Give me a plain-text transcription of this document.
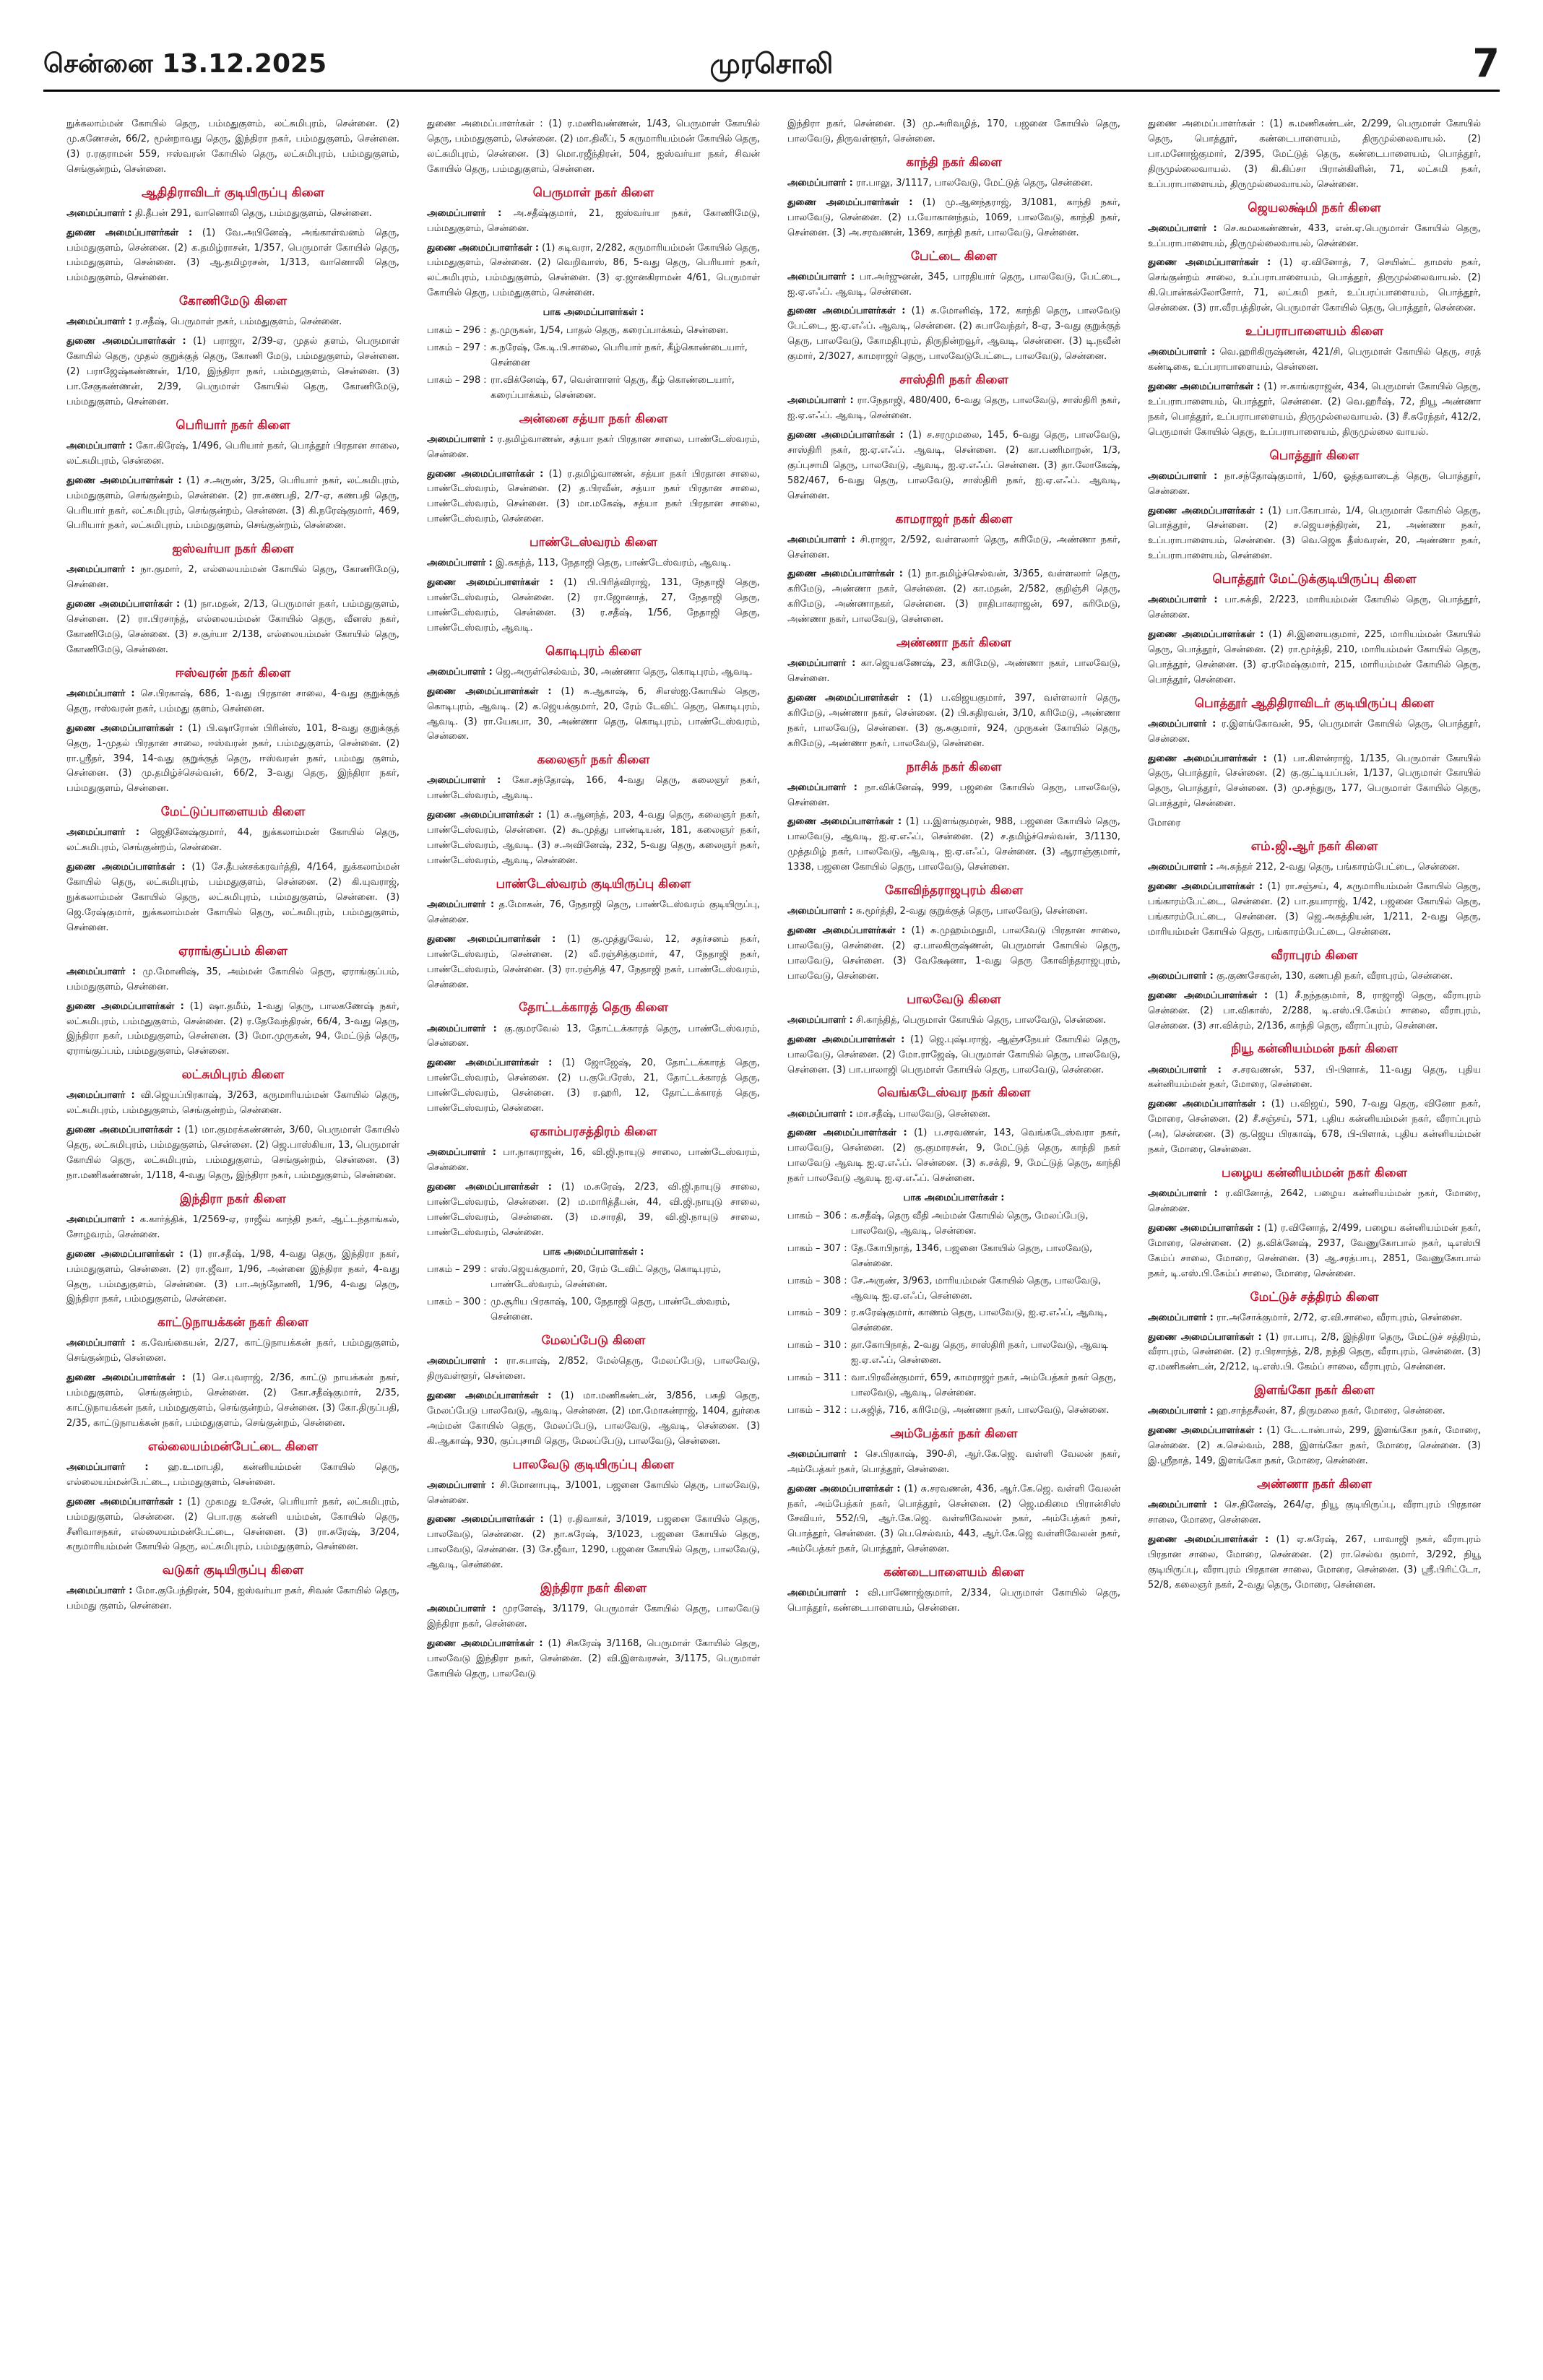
சென்னை 13.12.2025	முரசொலி	7
நுக்கலாம்மன் கோயில் தெரு, பம்மதுகுளம், லட்சுமிபுரம், சென்னை. (2) மு.கணேசன், 66/2, மூன்றாவது தெரு, இந்திரா நகர், பம்மதுகுளம், சென்னை. (3) ர.ரகுராமன் 559, ஈஸ்வரன் கோயில் தெரு, லட்சுமிபுரம், பம்மதுகுளம், செங்குன்றம், சென்னை.
ஆதிதிராவிடர் குடியிருப்பு கிளை
அமைப்பாளர் : தி.தீபன் 291, வானொலி தெரு, பம்மதுகுளம், சென்னை.
துணை அமைப்பாளர்கள் : (1) வே.அபினேஷ், அங்காள்வனம் தெரு, பம்மதுகுளம், சென்னை. (2) க.தமிழ்ராசன், 1/357, பெருமாள் கோயில் தெரு, பம்மதுகுளம், சென்னை. (3) ஆ.தமிழரசன், 1/313, வானொலி தெரு, பம்மதுகுளம், சென்னை.
கோணிமேடு கிளை
அமைப்பாளர் : ர.சதீஷ், பெருமாள் நகர், பம்மதுகுளம், சென்னை.
துணை அமைப்பாளர்கள் : (1) பராஜா, 2/39-ஏ, முதல் தளம், பெருமாள் கோயில் தெரு, முதல் குறுக்குத் தெரு, கோணி மேடு, பம்மதுகுளம், சென்னை. (2) பராஜேஷ்கண்ணன், 1/10, இந்திரா நகர், பம்மதுகுளம், சென்னை. (3) பா.சேகுகண்ணன், 2/39, பெருமாள் கோயில் தெரு, கோணிமேடு, பம்மதுகுளம், சென்னை.
பெரியார் நகர் கிளை
அமைப்பாளர் : கோ.கிரேஷ், 1/496, பெரியார் நகர், பொத்தூர் பிரதான சாலை, லட்சுமிபுரம், சென்னை.
துணை அமைப்பாளர்கள் : (1) ச.அருண், 3/25, பெரியார் நகர், லட்சுமிபுரம், பம்மதுகுளம், செங்குன்றம், சென்னை. (2) ரா.கணபதி, 2/7-ஏ, கணபதி தெரு, பெரியார் நகர், லட்சுமிபுரம், செங்குன்றம், சென்னை. (3) கி.நரேஷ்குமார், 469, பெரியார் நகர், லட்சுமிபுரம், பம்மதுகுளம், செங்குன்றம், சென்னை.
ஐஸ்வர்யா நகர் கிளை
அமைப்பாளர் : நா.குமார், 2, எல்லையம்மன் கோயில் தெரு, கோணிமேடு, சென்னை.
துணை அமைப்பாளர்கள் : (1) நா.மதன், 2/13, பெருமாள் நகர், பம்மதுகுளம், சென்னை. (2) ரா.பிரசாந்த், எல்லையம்மன் கோயில் தெரு, வீனஸ் நகர், கோணிமேடு, சென்னை. (3) ச.சூர்யா 2/138, எல்லையம்மன் கோயில் தெரு, கோணிமேடு, சென்னை.
ஈஸ்வரன் நகர் கிளை
அமைப்பாளர் : செ.பிரகாஷ், 686, 1-வது பிரதான சாலை, 4-வது குறுக்குத் தெரு, ஈஸ்வரன் நகர், பம்மது குளம், சென்னை.
துணை அமைப்பாளர்கள் : (1) பி.ஷாரோன் பிரின்ஸ், 101, 8-வது குறுக்குத் தெரு, 1-முதல் பிரதான சாலை, ஈஸ்வரன் நகர், பம்மதுகுளம், சென்னை. (2) ரா.ஸ்ரீதர், 394, 14-வது குறுக்குத் தெரு, ஈஸ்வரன் நகர், பம்மது குளம், சென்னை. (3) மு.தமிழ்ச்செல்வன், 66/2, 3-வது தெரு, இந்திரா நகர், பம்மதுகுளம், சென்னை.
மேட்டுப்பாளையம் கிளை
அமைப்பாளர் : ஜெதினேஷ்குமார், 44, நுக்கலாம்மன் கோயில் தெரு, லட்சுமிபுரம், செங்குன்றம், சென்னை.
துணை அமைப்பாளர்கள் : (1) சே.தீபன்சக்கரவர்த்தி, 4/164, நுக்கலாம்மன் கோயில் தெரு, லட்சுமிபுரம், பம்மதுகுளம், சென்னை. (2) கி.யுவராஜ், நுக்கலாம்மன் கோயில் தெரு, லட்சுமிபுரம், பம்மதுகுளம், சென்னை. (3) ஜெ.ரேஷ்குமார், நுக்கலாம்மன் கோயில் தெரு, லட்சுமிபுரம், பம்மதுகுளம், சென்னை.
ஏராங்குப்பம் கிளை
அமைப்பாளர் : மு.மோனிஷ், 35, அம்மன் கோயில் தெரு, ஏராங்குப்பம், பம்மதுகுளம், சென்னை.
துணை அமைப்பாளர்கள் : (1) ஷா.தமீம், 1-வது தெரு, பாலகணேஷ் நகர், லட்சுமிபுரம், பம்மதுகுளம், சென்னை. (2) ர.தேவேந்திரன், 66/4, 3-வது தெரு, இந்திரா நகர், பம்மதுகுளம், சென்னை. (3) மோ.முருகன், 94, மேட்டுத் தெரு, ஏராங்குப்பம், பம்மதுகுளம், சென்னை.
லட்சுமிபுரம் கிளை
அமைப்பாளர் : வி.ஜெயப்பிரகாஷ், 3/263, கருமாரியம்மன் கோயில் தெரு, லட்சுமிபுரம், பம்மதுகுளம், செங்குன்றம், சென்னை.
துணை அமைப்பாளர்கள் : (1) மா.குமரக்கண்ணன், 3/60, பெருமாள் கோயில் தெரு, லட்சுமிபுரம், பம்மதுகுளம், சென்னை. (2) ஜெ.பாஸ்கியா, 13, பெருமாள் கோயில் தெரு, லட்சுமிபுரம், பம்மதுகுளம், செங்குன்றம், சென்னை. (3) நா.மணிகண்ணன், 1/118, 4-வது தெரு, இந்திரா நகர், பம்மதுகுளம், சென்னை.
இந்திரா நகர் கிளை
அமைப்பாளர் : க.கார்த்திக், 1/2569-ஏ, ராஜீவ் காந்தி நகர், ஆட்டந்தாங்கல், சோழவரம், சென்னை.
துணை அமைப்பாளர்கள் : (1) ரா.சதீஷ், 1/98, 4-வது தெரு, இந்திரா நகர், பம்மதுகுளம், சென்னை. (2) ரா.ஜீவா, 1/96, அன்னை இந்திரா நகர், 4-வது தெரு, பம்மதுகுளம், சென்னை. (3) பா.அந்தோணி, 1/96, 4-வது தெரு, இந்திரா நகர், பம்மதுகுளம், சென்னை.
காட்டுநாயக்கன் நகர் கிளை
அமைப்பாளர் : க.வேங்கையன், 2/27, காட்டுநாயக்கன் நகர், பம்மதுகுளம், செங்குன்றம், சென்னை.
துணை அமைப்பாளர்கள் : (1) செ.புவராஜ், 2/36, காட்டு நாயக்கன் நகர், பம்மதுகுளம், செங்குன்றம், சென்னை. (2) கோ.சதீஷ்குமார், 2/35, காட்டுநாயக்கன் நகர், பம்மதுகுளம், செங்குன்றம், சென்னை. (3) கோ.திருப்பதி, 2/35, காட்டுநாயக்கன் நகர், பம்மதுகுளம், செங்குன்றம், சென்னை.
எல்லையம்மன்பேட்டை கிளை
அமைப்பாளர் : ஹ.உ.மாபதி, கன்னியம்மன் கோயில் தெரு, எல்லையம்மன்பேட்டை, பம்மதுகுளம், சென்னை.
துணை அமைப்பாளர்கள் : (1) முகமது உசேன், பெரியார் நகர், லட்சுமிபுரம், பம்மதுகுளம், சென்னை. (2) பொ.ரகு கன்னி யம்மன், கோயில் தெரு, சீனிவாசநகர், எல்லையம்மன்பேட்டை, சென்னை. (3) ரா.சுரேஷ், 3/204, கருமாரியம்மன் கோயில் தெரு, லட்சுமிபுரம், பம்மதுகுளம், சென்னை.
வடுகர் குடியிருப்பு கிளை
அமைப்பாளர் : மோ.குபேந்திரன், 504, ஐஸ்வர்யா நகர், சிவன் கோயில் தெரு, பம்மது குளம், சென்னை.
துணை அமைப்பாளர்கள் : (1) ர.மணிவண்ணன், 1/43, பெருமாள் கோயில் தெரு, பம்மதுகுளம், சென்னை. (2) மா.திலீப், 5 கருமாரியம்மன் கோயில் தெரு, லட்சுமிபுரம், சென்னை. (3) மொ.ரஜீந்திரன், 504, ஐஸ்வர்யா நகர், சிவன் கோயில் தெரு, பம்மதுகுளம், சென்னை.
பெருமாள் நகர் கிளை
அமைப்பாளர் : அ.சதீஷ்குமார், 21, ஐஸ்வர்யா நகர், கோணிமேடு, பம்மதுகுளம், சென்னை.
துணை அமைப்பாளர்கள் : (1) சுடிவரா, 2/282, கருமாரியம்மன் கோயில் தெரு, பம்மதுகுளம், சென்னை. (2) வெறிவாஸ், 86, 5-வது தெரு, பெரியார் நகர், லட்சுமிபுரம், பம்மதுகுளம், சென்னை. (3) ஏ.ஜானகிராமன் 4/61, பெருமாள் கோயில் தெரு, பம்மதுகுளம், சென்னை.
பாக அமைப்பாளர்கள் :
பாகம் – 296 : த.முருகன், 1/54, பாதல் தெரு, கரைப்பாக்கம், சென்னை.
பாகம் – 297 : க.நரேஷ், கே.டி.பி.சாலை, பெரியார் நகர், கீழ்கொண்டையார், சென்னை
பாகம் – 298 : ரா.விக்னேஷ், 67, வெள்ளாளர் தெரு, கீழ் கொண்டையார், கரைப்பாக்கம், சென்னை.
அன்னை சத்யா நகர் கிளை
அமைப்பாளர் : ர.தமிழ்வாணன், சத்யா நகர் பிரதான சாலை, பாண்டேஸ்வரம், சென்னை.
துணை அமைப்பாளர்கள் : (1) ர.தமிழ்வாணன், சத்யா நகர் பிரதான சாலை, பாண்டேஸ்வரம், சென்னை. (2) த.பிரவீன், சத்யா நகர் பிரதான சாலை, பாண்டேஸ்வரம், சென்னை. (3) மா.மகேஷ், சத்யா நகர் பிரதான சாலை, பாண்டேஸ்வரம், சென்னை.
பாண்டேஸ்வரம் கிளை
அமைப்பாளர் : இ.சுகந்த், 113, நேதாஜி தெரு, பாண்டேஸ்வரம், ஆவடி.
துணை அமைப்பாளர்கள் : (1) பி.பிரித்விராஜ், 131, நேதாஜி தெரு, பாண்டேஸ்வரம், சென்னை. (2) ரா.ஜோனாத், 27, நேதாஜி தெரு, பாண்டேஸ்வரம், சென்னை. (3) ர.சதீஷ், 1/56, நேதாஜி தெரு, பாண்டேஸ்வரம், ஆவடி.
கொடிபுரம் கிளை
அமைப்பாளர் : ஜெ.அருள்செல்வம், 30, அண்ணா தெரு, கொடிபுரம், ஆவடி.
துணை அமைப்பாளர்கள் : (1) சு.ஆகாஷ், 6, சிஎஸ்ஐ.கோயில் தெரு, கொடிபுரம், ஆவடி. (2) க.ஜெயக்குமார், 20, ரேம் டேவிட் தெரு, கொடிபுரம், ஆவடி. (3) ரா.யேசுபா, 30, அண்ணா தெரு, கொடிபுரம், பாண்டேஸ்வரம், சென்னை.
கலைஞர் நகர் கிளை
அமைப்பாளர் : கோ.சந்தோஷ், 166, 4-வது தெரு, கலைஞர் நகர், பாண்டேஸ்வரம், ஆவடி.
துணை அமைப்பாளர்கள் : (1) சு.ஆனந்த், 203, 4-வது தெரு, கலைஞர் நகர், பாண்டேஸ்வரம், சென்னை. (2) கூ.முத்து பாண்டியன், 181, கலைஞர் நகர், பாண்டேஸ்வரம், ஆவடி. (3) ச.அவினேஷ், 232, 5-வது தெரு, கலைஞர் நகர், பாண்டேஸ்வரம், ஆவடி, சென்னை.
பாண்டேஸ்வரம் குடியிருப்பு கிளை
அமைப்பாளர் : த.மோகன், 76, நேதாஜி தெரு, பாண்டேஸ்வரம் குடியிருப்பு, சென்னை.
துணை அமைப்பாளர்கள் : (1) கு.முத்துவேல், 12, சதர்சனம் நகர், பாண்டேஸ்வரம், சென்னை. (2) வீ.ரஞ்சித்குமார், 47, நேதாஜி நகர், பாண்டேஸ்வரம், சென்னை. (3) ரா.ரஞ்சித் 47, நேதாஜி நகர், பாண்டேஸ்வரம், சென்னை.
தோட்டக்காரத் தெரு கிளை
அமைப்பாளர் : கு.குமரவேல் 13, தோட்டக்காரத் தெரு, பாண்டேஸ்வரம், சென்னை.
துணை அமைப்பாளர்கள் : (1) ஜோஜேஷ், 20, தோட்டக்காரத் தெரு, பாண்டேஸ்வரம், சென்னை. (2) ப.குபேரேஸ், 21, தோட்டக்காரத் தெரு, பாண்டேஸ்வரம், சென்னை. (3) ர.ஹரி, 12, தோட்டக்காரத் தெரு, பாண்டேஸ்வரம், சென்னை.
ஏகாம்பரசத்திரம் கிளை
அமைப்பாளர் : பா.நாகராஜன், 16, வி.ஜி.நாயுடு சாலை, பாண்டேஸ்வரம், சென்னை.
துணை அமைப்பாளர்கள் : (1) ம.சுரேஷ், 2/23, வி.ஜி.நாயுடு சாலை, பாண்டேஸ்வரம், சென்னை. (2) ம.மாரித்தீபன், 44, வி.ஜி.நாயுடு சாலை, பாண்டேஸ்வரம், சென்னை. (3) ம.சாரதி, 39, வி.ஜி.நாயுடு சாலை, பாண்டேஸ்வரம், சென்னை.
பாக அமைப்பாளர்கள் :
பாகம் – 299 : எஸ்.ஜெயக்குமார், 20, ரேம் டேவிட் தெரு, கொடிபுரம், பாண்டேஸ்வரம், சென்னை.
பாகம் – 300 : மு.சூரிய பிரகாஷ், 100, நேதாஜி தெரு, பாண்டேஸ்வரம், சென்னை.
மேலப்பேடு கிளை
அமைப்பாளர் : ரா.சுபாஷ், 2/852, மேல்தெரு, மேலப்பேடு, பாலவேடு, திருவள்ளூர், சென்னை.
துணை அமைப்பாளர்கள் : (1) மா.மணிகண்டன், 3/856, பசுதி தெரு, மேலப்பேடு பாலவேடு, ஆவடி, சென்னை. (2) மா.மோகன்ராஜ், 1404, துர்கை அம்மன் கோயில் தெரு, மேலப்பேடு, பாலவேடு, ஆவடி, சென்னை. (3) கி.ஆகாஷ், 930, குப்புசாமி தெரு, மேலப்பேடு, பாலவேடு, சென்னை.
பாலவேடு குடியிருப்பு கிளை
அமைப்பாளர் : சி.மோனாபுடி, 3/1001, பஜனை கோயில் தெரு, பாலவேடு, சென்னை.
துணை அமைப்பாளர்கள் : (1) ர.திவாகர், 3/1019, பஜனை கோயில் தெரு, பாலவேடு, சென்னை. (2) நா.சுரேஷ், 3/1023, பஜனை கோயில் தெரு, பாலவேடு, சென்னை. (3) சே.ஜீவா, 1290, பஜனை கோயில் தெரு, பாலவேடு, ஆவடி, சென்னை.
இந்திரா நகர் கிளை
அமைப்பாளர் : முரளேஷ், 3/1179, பெருமாள் கோயில் தெரு, பாலவேடு இந்திரா நகர், சென்னை.
துணை அமைப்பாளர்கள் : (1) சிகரேஷ் 3/1168, பெருமாள் கோயில் தெரு, பாலவேடு இந்திரா நகர், சென்னை. (2) வி.இளவரசன், 3/1175, பெருமாள் கோயில் தெரு, பாலவேடு
இந்திரா நகர், சென்னை. (3) மு.அரிவழித், 170, பஜனை கோயில் தெரு, பாலவேடு, திருவள்ளூர், சென்னை.
காந்தி நகர் கிளை
அமைப்பாளர் : ரா.பாலு, 3/1117, பாலவேடு, மேட்டுத் தெரு, சென்னை.
துணை அமைப்பாளர்கள் : (1) மு.ஆனந்தராஜ், 3/1081, காந்தி நகர், பாலவேடு, சென்னை. (2) ப.யோகானந்தம், 1069, பாலவேடு, காந்தி நகர், சென்னை. (3) அ.சரவணன், 1369, காந்தி நகர், பாலவேடு, சென்னை.
பேட்டை கிளை
அமைப்பாளர் : பா.அர்ஜுனன், 345, பாரதியார் தெரு, பாலவேடு, பேட்டை, ஐ.ஏ.எஃப். ஆவடி, சென்னை.
துணை அமைப்பாளர்கள் : (1) க.மோனிஷ், 172, காந்தி தெரு, பாலவேடு பேட்டை, ஐ.ஏ.எஃப். ஆவடி, சென்னை. (2) சுபாவேந்தர், 8-ஏ, 3-வது குறுக்குத் தெரு, பாலவேடு, கோமதிபுரம், திருநின்றவூர், ஆவடி, சென்னை. (3) டி.நவீன் குமார், 2/3027, காமராஜர் தெரு, பாலவேடுபேட்டை, பாலவேடு, சென்னை.
சாஸ்திரி நகர் கிளை
அமைப்பாளர் : ரா.நேதாஜி, 480/400, 6-வது தெரு, பாலவேடு, சாஸ்திரி நகர், ஐ.ஏ.எஃப். ஆவடி, சென்னை.
துணை அமைப்பாளர்கள் : (1) ச.சரமுமலை, 145, 6-வது தெரு, பாலவேடு, சாஸ்திரி நகர், ஐ.ஏ.எஃப். ஆவடி, சென்னை. (2) கா.பணிமாறன், 1/3, குப்புசாமி தெரு, பாலவேடு, ஆவடி, ஐ.ஏ.எஃப். சென்னை. (3) தா.லோகேஷ், 582/467, 6-வது தெரு, பாலவேடு, சாஸ்திரி நகர், ஐ.ஏ.எஃப். ஆவடி, சென்னை.
காமராஜர் நகர் கிளை
அமைப்பாளர் : சி.ராஜா, 2/592, வள்ளலார் தெரு, கரிமேடு, அண்ணா நகர், சென்னை.
துணை அமைப்பாளர்கள் : (1) நா.தமிழ்ச்செல்வன், 3/365, வள்ளலார் தெரு, கரிமேடு, அண்ணா நகர், சென்னை. (2) கா.மதன், 2/582, குறிஞ்சி தெரு, கரிமேடு, அண்ணாநகர், சென்னை. (3) ராதிபாகராஜன், 697, கரிமேடு, அண்ணா நகர், பாலவேடு, சென்னை.
அண்ணா நகர் கிளை
அமைப்பாளர் : கா.ஜெயகணேஷ், 23, கரிமேடு, அண்ணா நகர், பாலவேடு, சென்னை.
துணை அமைப்பாளர்கள் : (1) ப.விஜயகுமார், 397, வள்ளலார் தெரு, கரிமேடு, அண்ணா நகர், சென்னை. (2) பி.சுதிரவன், 3/10, கரிமேடு, அண்ணா நகர், பாலவேடு, சென்னை. (3) கு.சுகுமார், 924, முருகன் கோயில் தெரு, கரிமேடு, அண்ணா நகர், பாலவேடு, சென்னை.
நாசிக் நகர் கிளை
அமைப்பாளர் : நா.விக்னேஷ், 999, பஜனை கோயில் தெரு, பாலவேடு, சென்னை.
துணை அமைப்பாளர்கள் : (1) ப.இளங்குமரன், 988, பஜனை கோயில் தெரு, பாலவேடு, ஆவடி, ஐ.ஏ.எஃப், சென்னை. (2) ச.தமிழ்ச்செல்வன், 3/1130, முத்தமிழ் நகர், பாலவேடு, ஆவடி, ஐ.ஏ.எஃப், சென்னை. (3) ஆராஞ்குமார், 1338, பஜனை கோயில் தெரு, பாலவேடு, சென்னை.
கோவிந்தராஜபுரம் கிளை
அமைப்பாளர் : சு.மூர்த்தி, 2-வது குறுக்குத் தெரு, பாலவேடு, சென்னை.
துணை அமைப்பாளர்கள் : (1) சு.முஹம்மதுமி, பாலவேடு பிரதான சாலை, பாலவேடு, சென்னை. (2) ஏ.பாலகிருஷ்ணன், பெருமாள் கோயில் தெரு, பாலவேடு, சென்னை. (3) வேக்ஷேனா, 1-வது தெரு கோவிந்தராஜபுரம், பாலவேடு, சென்னை.
பாலவேடு கிளை
அமைப்பாளர் : சி.காந்தித், பெருமாள் கோயில் தெரு, பாலவேடு, சென்னை.
துணை அமைப்பாளர்கள் : (1) ஜெ.புஷ்பராஜ், ஆஞ்சநேயர் கோயில் தெரு, பாலவேடு, சென்னை. (2) மோ.ராஜேஷ், பெருமாள் கோயில் தெரு, பாலவேடு, சென்னை. (3) பா.பாலாஜி பெருமாள் கோயில் தெரு, பாலவேடு, சென்னை.
வெங்கடேஸ்வர நகர் கிளை
அமைப்பாளர் : மா.சதீஷ், பாலவேடு, சென்னை.
துணை அமைப்பாளர்கள் : (1) ப.சரவணன், 143, வெங்கடேஸ்வரா நகர், பாலவேடு, சென்னை. (2) கு.குமாரசன், 9, மேட்டுத் தெரு, காந்தி நகர் பாலவேடு ஆவடி ஐ.ஏ.எஃப். சென்னை. (3) சு.சக்தி, 9, மேட்டுத் தெரு, காந்தி நகர் பாலவேடு ஆவடி ஐ.ஏ.எஃப். சென்னை.
பாக அமைப்பாளர்கள் :
பாகம் – 306 : க.சதீஷ், தெரு வீதி அம்மன் கோயில் தெரு, மேலப்பேடு, பாலவேடு, ஆவடி, சென்னை.
பாகம் – 307 : தே.கோபிநாத், 1346, பஜனை கோயில் தெரு, பாலவேடு, சென்னை.
பாகம் – 308 : சே.அருண், 3/963, மாரியம்மன் கோயில் தெரு, பாலவேடு, ஆவடி ஐ.ஏ.எஃப், சென்னை.
பாகம் – 309 : ர.சுரேஷ்குமார், காணம் தெரு, பாலவேடு, ஐ.ஏ.எஃப், ஆவடி, சென்னை.
பாகம் – 310 : தா.கோபிநாத், 2-வது தெரு, சாஸ்திரி நகர், பாலவேடு, ஆவடி ஐ.ஏ.எஃப், சென்னை.
பாகம் – 311 : வா.பிரவீன்குமார், 659, காமராஜர் நகர், அம்பேத்கர் நகர் தெரு, பாலவேடு, ஆவடி, சென்னை.
பாகம் – 312 : ப.சுஜித், 716, கரிமேடு, அண்ணா நகர், பாலவேடு, சென்னை.
அம்பேத்கர் நகர் கிளை
அமைப்பாளர் : செ.பிரகாஷ், 390-சி, ஆர்.கே.ஜெ. வள்ளி வேலன் நகர், அம்பேத்கர் நகர், பொத்தூர், சென்னை.
துணை அமைப்பாளர்கள் : (1) சு.சரவணன், 436, ஆர்.கே.ஜெ. வள்ளி வேலன் நகர், அம்பேத்கர் நகர், பொத்தூர், சென்னை. (2) ஜெ.மகிமை பிரான்சிஸ் சேவியர், 552/பி, ஆர்.கே.ஜெ. வள்ளிவேலன் நகர், அம்பேத்கர் நகர், பொத்தூர், சென்னை. (3) பெ.செல்வம், 443, ஆர்.கே.ஜெ வள்ளிவேலன் நகர், அம்பேத்கர் நகர், பொத்தூர், சென்னை.
கண்டைபாளையம் கிளை
அமைப்பாளர் : வி.பாணோஜ்குமார், 2/334, பெருமாள் கோயில் தெரு, பொத்தூர், கண்டைபாளையம், சென்னை.
துணை அமைப்பாளர்கள் : (1) சு.மணிகண்டன், 2/299, பெருமாள் கோயில் தெரு, பொத்தூர், கண்டைபாளையம், திருமுல்லைவாயல். (2) பா.மனோஜ்குமார், 2/395, மேட்டுத் தெரு, கண்டைபாளையம், பொத்தூர், திருமுல்லைவாயல். (3) கி.கிப்சா பிரான்கிளின், 71, லட்சுமி நகர், உப்பராபாளையம், திருமுல்லைவாயல், சென்னை.
ஜெயலக்ஷ்மி நகர் கிளை
அமைப்பாளர் : செ.கமலகண்ணன், 433, என்.ஏ.பெருமாள் கோயில் தெரு, உப்பராபாளையம், திருமுல்லைவாயல், சென்னை.
துணை அமைப்பாளர்கள் : (1) ஏ.வினோத், 7, செயின்ட் தாமஸ் நகர், செங்குன்றம் சாலை, உப்பராபாளையம், பொத்தூர், திருமுல்லைவாயல். (2) கி.பொன்கல்லோசோர், 71, லட்சுமி நகர், உப்பரப்பாளையம், பொத்தூர், சென்னை. (3) ரா.வீரபத்திரன், பெருமாள் கோயில் தெரு, பொத்தூர், சென்னை.
உப்பராபாளையம் கிளை
அமைப்பாளர் : வெ.ஹரிகிருஷ்ணன், 421/சி, பெருமாள் கோயில் தெரு, சரத் கண்டிகை, உப்பராபாளையம், சென்னை.
துணை அமைப்பாளர்கள் : (1) ஈ.காங்கராஜன், 434, பெருமாள் கோயில் தெரு, உப்பராபாளையம், பொத்தூர், சென்னை. (2) வெ.ஹரீஷ், 72, நியூ அண்ணா நகர், பொத்தூர், உப்பராபாளையம், திருமுல்லைவாயல். (3) சீ.சுரேந்தர், 412/2, பெருமாள் கோயில் தெரு, உப்பராபாளையம், திருமுல்லை வாயல்.
பொத்தூர் கிளை
அமைப்பாளர் : நா.சந்தோஷ்குமார், 1/60, ஓத்தவாடைத் தெரு, பொத்தூர், சென்னை.
துணை அமைப்பாளர்கள் : (1) பா.கோபால், 1/4, பெருமாள் கோயில் தெரு, பொத்தூர், சென்னை. (2) ச.ஜெயசந்திரன், 21, அண்ணா நகர், உப்பராபாளையம், சென்னை. (3) வெ.ஜெக தீஸ்வரன், 20, அண்ணா நகர், உப்பராபாளையம், சென்னை.
பொத்தூர் மேட்டுக்குடியிருப்பு கிளை
அமைப்பாளர் : பா.சுக்தி, 2/223, மாரியம்மன் கோயில் தெரு, பொத்தூர், சென்னை.
துணை அமைப்பாளர்கள் : (1) சி.இளையகுமார், 225, மாரியம்மன் கோயில் தெரு, பொத்தூர், சென்னை. (2) ரா.மூர்த்தி, 210, மாரியம்மன் கோயில் தெரு, பொத்தூர், சென்னை. (3) ஏ.ரமேஷ்குமார், 215, மாரியம்மன் கோயில் தெரு, பொத்தூர், சென்னை.
பொத்தூர் ஆதிதிராவிடர் குடியிருப்பு கிளை
அமைப்பாளர் : ர.இளங்கோவன், 95, பெருமாள் கோயில் தெரு, பொத்தூர், சென்னை.
துணை அமைப்பாளர்கள் : (1) பா.கிளன்ராஜ், 1/135, பெருமாள் கோயில் தெரு, பொத்தூர், சென்னை. (2) கு.குட்டியப்பன், 1/137, பெருமாள் கோயில் தெரு, பொத்தூர், சென்னை. (3) மு.சந்துரு, 177, பெருமாள் கோயில் தெரு, பொத்தூர், சென்னை.
மோரை
எம்.ஜி.ஆர் நகர் கிளை
அமைப்பாளர் : அ.சுந்தர் 212, 2-வது தெரு, பங்காரம்பேட்டை, சென்னை.
துணை அமைப்பாளர்கள் : (1) ரா.சஞ்சய், 4, கருமாரியம்மன் கோயில் தெரு, பங்காரம்பேட்டை, சென்னை. (2) பா.தயாராஜ், 1/42, பஜனை கோயில் தெரு, பங்காரம்பேட்டை, சென்னை. (3) ஜெ.அசுத்தியன், 1/211, 2-வது தெரு, மாரியம்மன் கோயில் தெரு, பங்காரம்பேட்டை, சென்னை.
வீராபுரம் கிளை
அமைப்பாளர் : கு.குணசேகரன், 130, கணபதி நகர், வீராபுரம், சென்னை.
துணை அமைப்பாளர்கள் : (1) சீ.நந்தகுமார், 8, ராஜாஜி தெரு, வீராபுரம் சென்னை. (2) பா.விகாஸ், 2/288, டி.எஸ்.பி.கேம்ப் சாலை, வீராபுரம், சென்னை. (3) சா.விக்ரம், 2/136, காந்தி தெரு, வீராப்புரம், சென்னை.
நியூ கன்னியம்மன் நகர் கிளை
அமைப்பாளர் : ச.சரவணன், 537, பி-பிளாக், 11-வது தெரு, புதிய கன்னியம்மன் நகர், மோரை, சென்னை.
துணை அமைப்பாளர்கள் : (1) ப.விஜய், 590, 7-வது தெரு, வினோ நகர், மோரை, சென்னை. (2) சீ.சஞ்சய், 571, புதிய கன்னியம்மன் நகர், வீராப்புரம் (அ), சென்னை. (3) கு.ஜெய பிரகாஷ், 678, பி-பிளாக், புதிய கன்னியம்மன் நகர், மோரை, சென்னை.
பழைய கன்னியம்மன் நகர் கிளை
அமைப்பாளர் : ர.வினோத், 2642, பழைய கன்னியம்மன் நகர், மோரை, சென்னை.
துணை அமைப்பாளர்கள் : (1) ர.வினோத், 2/499, பழைய கன்னியம்மன் நகர், மோரை, சென்னை. (2) த.விக்னேஷ், 2937, வேணுகோபால் நகர், டிஎஸ்பி கேம்ப் சாலை, மோரை, சென்னை. (3) ஆ.சரத்பாபு, 2851, வேணுகோபால் நகர், டி.எஸ்.பி.கேம்ப் சாலை, மோரை, சென்னை.
மேட்டுச் சத்திரம் கிளை
அமைப்பாளர் : ரா.அசோக்குமார், 2/72, ஏ.வி.சாலை, வீராபுரம், சென்னை.
துணை அமைப்பாளர்கள் : (1) ரா.பாபு, 2/8, இந்திரா தெரு, மேட்டுச் சத்திரம், வீராபுரம், சென்னை. (2) ர.பிரசாந்த், 2/8, நந்தி தெரு, வீராபுரம், சென்னை. (3) ஏ.மணிகண்டன், 2/212, டி.எஸ்.பி. கேம்ப் சாலை, வீராபுரம், சென்னை.
இளங்கோ நகர் கிளை
அமைப்பாளர் : ஹ.சாந்தசீலன், 87, திருமலை நகர், மோரை, சென்னை.
துணை அமைப்பாளர்கள் : (1) டே.டான்பால், 299, இளங்கோ நகர், மோரை, சென்னை. (2) க.செல்வம், 288, இளங்கோ நகர், மோரை, சென்னை. (3) இ.ஸ்ரீநாத், 149, இளங்கோ நகர், மோரை, சென்னை.
அண்ணா நகர் கிளை
அமைப்பாளர் : செ.தினேஷ், 264/ஏ, நியூ குடியிருப்பு, வீராபுரம் பிரதான சாலை, மோரை, சென்னை.
துணை அமைப்பாளர்கள் : (1) ஏ.சுரேஷ், 267, பாவாஜி நகர், வீராபுரம் பிரதான சாலை, மோரை, சென்னை. (2) ரா.செல்வ குமார், 3/292, நியூ குடியிருப்பு, வீராபுரம் பிரதான சாலை, மோரை, சென்னை. (3) ஸ்ரீ.பிரிட்டோ, 52/8, கலைஞர் நகர், 2-வது தெரு, மோரை, சென்னை.
